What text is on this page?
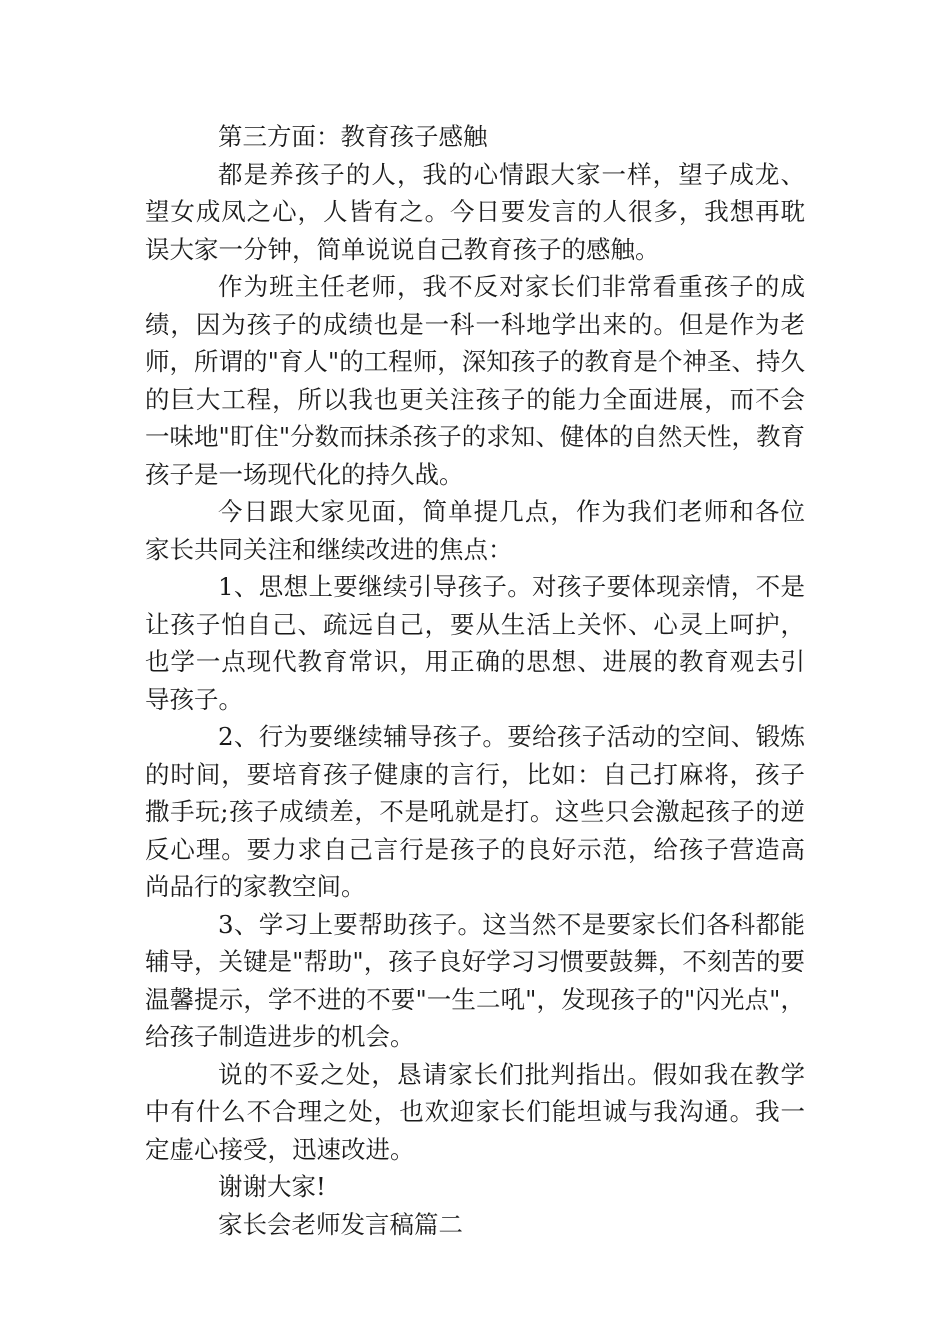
第三方面：教育孩子感触

都是养孩子的人，我的心情跟大家一样，望子成龙、望女成凤之心，人皆有之。今日要发言的人很多，我想再耽误大家一分钟，简单说说自己教育孩子的感触。

作为班主任老师，我不反对家长们非常看重孩子的成绩，因为孩子的成绩也是一科一科地学出来的。但是作为老师，所谓的"育人"的工程师，深知孩子的教育是个神圣、持久的巨大工程，所以我也更关注孩子的能力全面进展，而不会一味地"盯住"分数而抹杀孩子的求知、健体的自然天性，教育孩子是一场现代化的持久战。

今日跟大家见面，简单提几点，作为我们老师和各位家长共同关注和继续改进的焦点：

1、思想上要继续引导孩子。对孩子要体现亲情，不是让孩子怕自己、疏远自己，要从生活上关怀、心灵上呵护，也学一点现代教育常识，用正确的思想、进展的教育观去引导孩子。

2、行为要继续辅导孩子。要给孩子活动的空间、锻炼的时间，要培育孩子健康的言行，比如：自己打麻将，孩子撒手玩;孩子成绩差，不是吼就是打。这些只会激起孩子的逆反心理。要力求自己言行是孩子的良好示范，给孩子营造高尚品行的家教空间。

3、学习上要帮助孩子。这当然不是要家长们各科都能辅导，关键是"帮助"，孩子良好学习习惯要鼓舞，不刻苦的要温馨提示，学不进的不要"一生二吼"，发现孩子的"闪光点"，给孩子制造进步的机会。

说的不妥之处，恳请家长们批判指出。假如我在教学中有什么不合理之处，也欢迎家长们能坦诚与我沟通。我一定虚心接受，迅速改进。

谢谢大家!

家长会老师发言稿篇二
